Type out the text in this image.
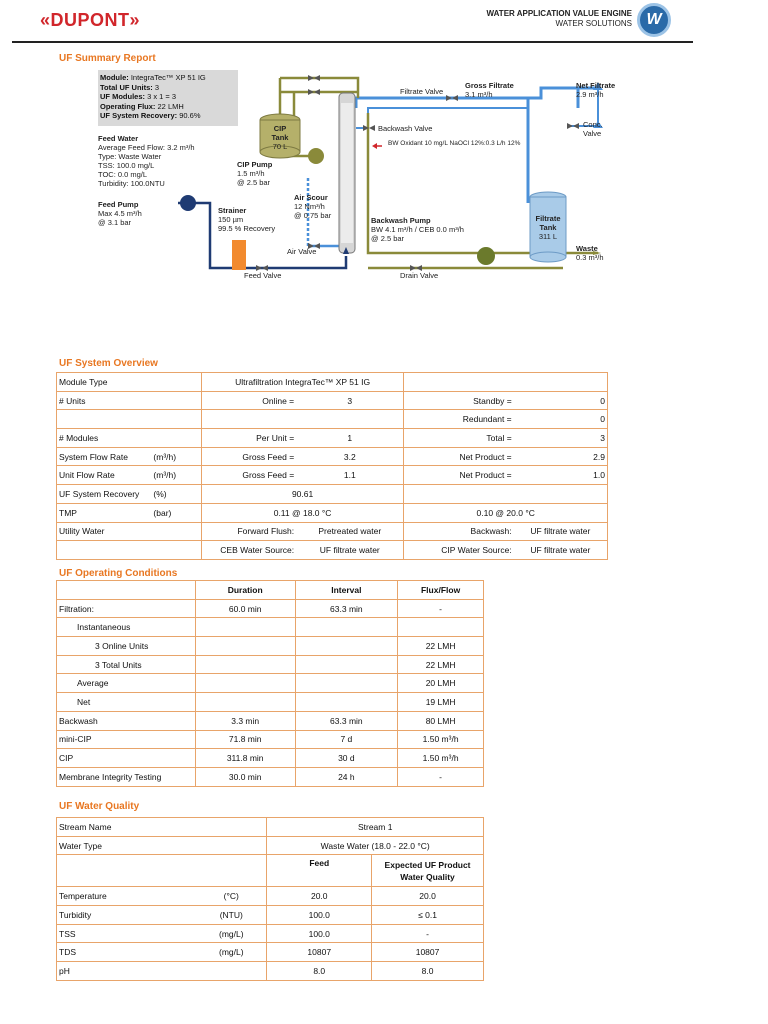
«DUPONT»	WATER APPLICATION VALUE ENGINE
WATER SOLUTIONS W
UF Summary Report
Module: IntegraTec™ XP 51 IG
Total UF Units: 3
UF Modules: 3 x 1 = 3
Operating Flux: 22 LMH
UF System Recovery: 90.6%
Feed Water
Average Feed Flow: 3.2 m³/h
Type: Waste Water
TSS: 100.0 mg/L
TOC: 0.0 mg/L
Turbidity: 100.0NTU
Feed Pump
Max 4.5 m³/h
@ 3.1 bar
Strainer
150 µm
99.5 % Recovery
CIP
Tank
70 L
CIP Pump
1.5 m³/h
@ 2.5 bar
Air Scour
12 Nm³/h
@ 0.75 bar
Air Valve
Feed Valve	Drain Valve
Filtrate Valve
Backwash Valve
BW Oxidant 10 mg/L NaOCl 12%:0.3 L/h 12%
Gross Filtrate
3.1 m³/h
Net Filtrate
2.9 m³/h
Conc.
Valve
Backwash Pump
BW 4.1 m³/h / CEB 0.0 m³/h
@ 2.5 bar
Filtrate
Tank
311 L
Waste
0.3 m³/h
UF System Overview
Module Type		Ultrafiltration IntegraTec™ XP 51 IG			
# Units		Online =	3	Standby =	0
				Redundant =	0
# Modules		Per Unit =	1	Total =	3
System Flow Rate	(m³/h)	Gross Feed =	3.2	Net Product =	2.9
Unit Flow Rate	(m³/h)	Gross Feed =	1.1	Net Product =	1.0
UF System Recovery	(%)	90.61			
TMP	(bar)	0.11 @ 18.0 °C		0.10 @ 20.0 °C	
Utility Water		Forward Flush:	Pretreated water	Backwash:	UF filtrate water
		CEB Water Source:	UF filtrate water	CIP Water Source:	UF filtrate water
UF Operating Conditions
	Duration	Interval	Flux/Flow
Filtration:	60.0 min	63.3 min	-
Instantaneous			
3 Online Units			22 LMH
3 Total Units			22 LMH
Average			20 LMH
Net			19 LMH
Backwash	3.3 min	63.3 min	80 LMH
mini-CIP	71.8 min	7 d	1.50 m³/h
CIP	311.8 min	30 d	1.50 m³/h
Membrane Integrity Testing	30.0 min	24 h	-
UF Water Quality
Stream Name		Stream 1	
Water Type		Waste Water (18.0 - 22.0 °C)	
		Feed	Expected UF Product
Water Quality

Temperature	(°C)	20.0	20.0
Turbidity	(NTU)	100.0	≤ 0.1
TSS	(mg/L)	100.0	-
TDS	(mg/L)	10807	10807
pH		8.0	8.0
